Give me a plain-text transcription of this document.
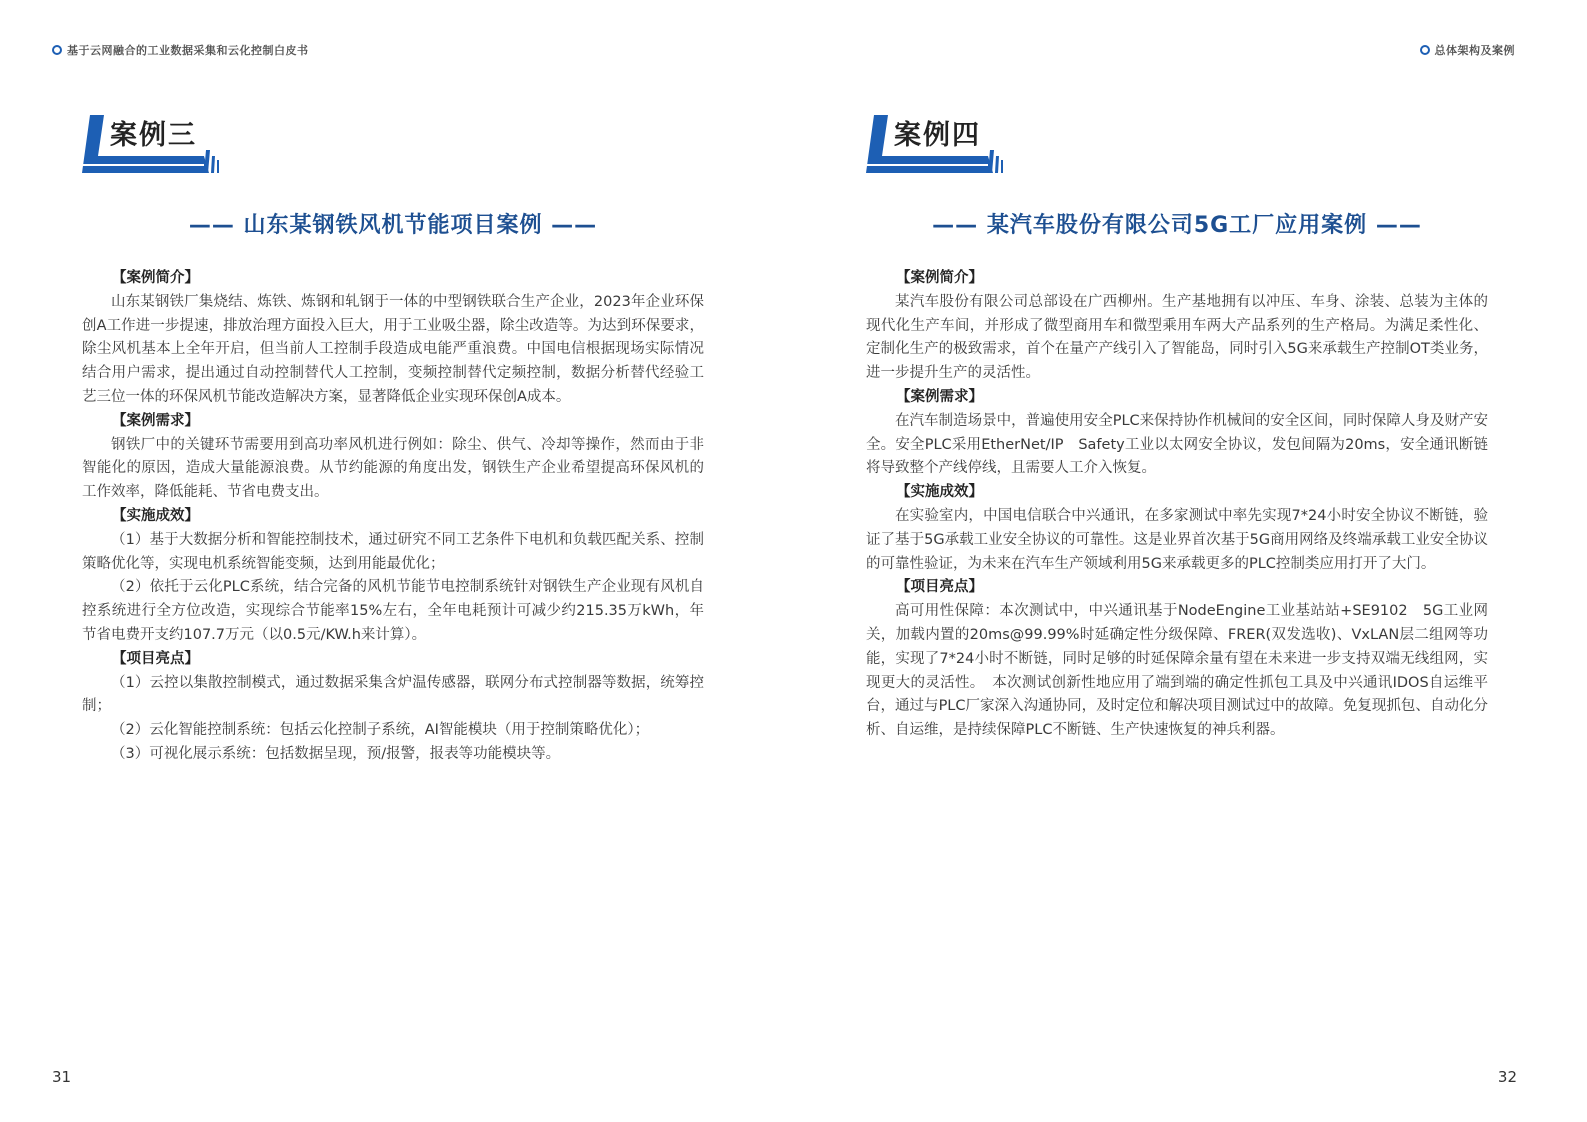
基于云网融合的工业数据采集和云化控制白皮书	总体架构及案例
案例三
—— 山东某钢铁风机节能项目案例 ——
【案例简介】

山东某钢铁厂集烧结、炼铁、炼钢和轧钢于一体的中型钢铁联合生产企业，2023年企业环保创A工作进一步提速，排放治理方面投入巨大，用于工业吸尘器，除尘改造等。为达到环保要求，除尘风机基本上全年开启，但当前人工控制手段造成电能严重浪费。中国电信根据现场实际情况结合用户需求，提出通过自动控制替代人工控制，变频控制替代定频控制，数据分析替代经验工艺三位一体的环保风机节能改造解决方案，显著降低企业实现环保创A成本。

【案例需求】

钢铁厂中的关键环节需要用到高功率风机进行例如：除尘、供气、冷却等操作，然而由于非智能化的原因，造成大量能源浪费。从节约能源的角度出发，钢铁生产企业希望提高环保风机的工作效率，降低能耗、节省电费支出。

【实施成效】

（1）基于大数据分析和智能控制技术，通过研究不同工艺条件下电机和负载匹配关系、控制策略优化等，实现电机系统智能变频，达到用能最优化；

（2）依托于云化PLC系统，结合完备的风机节能节电控制系统针对钢铁生产企业现有风机自控系统进行全方位改造，实现综合节能率15%左右，全年电耗预计可减少约215.35万kWh，年节省电费开支约107.7万元（以0.5元/KW.h来计算）。

【项目亮点】

（1）云控以集散控制模式，通过数据采集含炉温传感器，联网分布式控制器等数据，统筹控制；

（2）云化智能控制系统：包括云化控制子系统，AI智能模块（用于控制策略优化）；

（3）可视化展示系统：包括数据呈现，预/报警，报表等功能模块等。

案例四
—— 某汽车股份有限公司5G工厂应用案例 ——
【案例简介】

某汽车股份有限公司总部设在广西柳州。生产基地拥有以冲压、车身、涂装、总装为主体的现代化生产车间，并形成了微型商用车和微型乘用车两大产品系列的生产格局。为满足柔性化、定制化生产的极致需求，首个在量产产线引入了智能岛，同时引入5G来承载生产控制OT类业务，进一步提升生产的灵活性。

【案例需求】

在汽车制造场景中，普遍使用安全PLC来保持协作机械间的安全区间，同时保障人身及财产安全。安全PLC采用EtherNet/IP　Safety工业以太网安全协议，发包间隔为20ms，安全通讯断链将导致整个产线停线，且需要人工介入恢复。

【实施成效】

在实验室内，中国电信联合中兴通讯，在多家测试中率先实现7*24小时安全协议不断链，验证了基于5G承载工业安全协议的可靠性。这是业界首次基于5G商用网络及终端承载工业安全协议的可靠性验证，为未来在汽车生产领域利用5G来承载更多的PLC控制类应用打开了大门。

【项目亮点】

高可用性保障：本次测试中，中兴通讯基于NodeEngine工业基站站+SE9102　5G工业网关，加载内置的20ms@99.99%时延确定性分级保障、FRER(双发选收)、VxLAN层二组网等功能，实现了7*24小时不断链，同时足够的时延保障余量有望在未来进一步支持双端无线组网，实现更大的灵活性。　本次测试创新性地应用了端到端的确定性抓包工具及中兴通讯IDOS自运维平台，通过与PLC厂家深入沟通协同，及时定位和解决项目测试过中的故障。免复现抓包、自动化分析、自运维，是持续保障PLC不断链、生产快速恢复的神兵利器。

31	32
